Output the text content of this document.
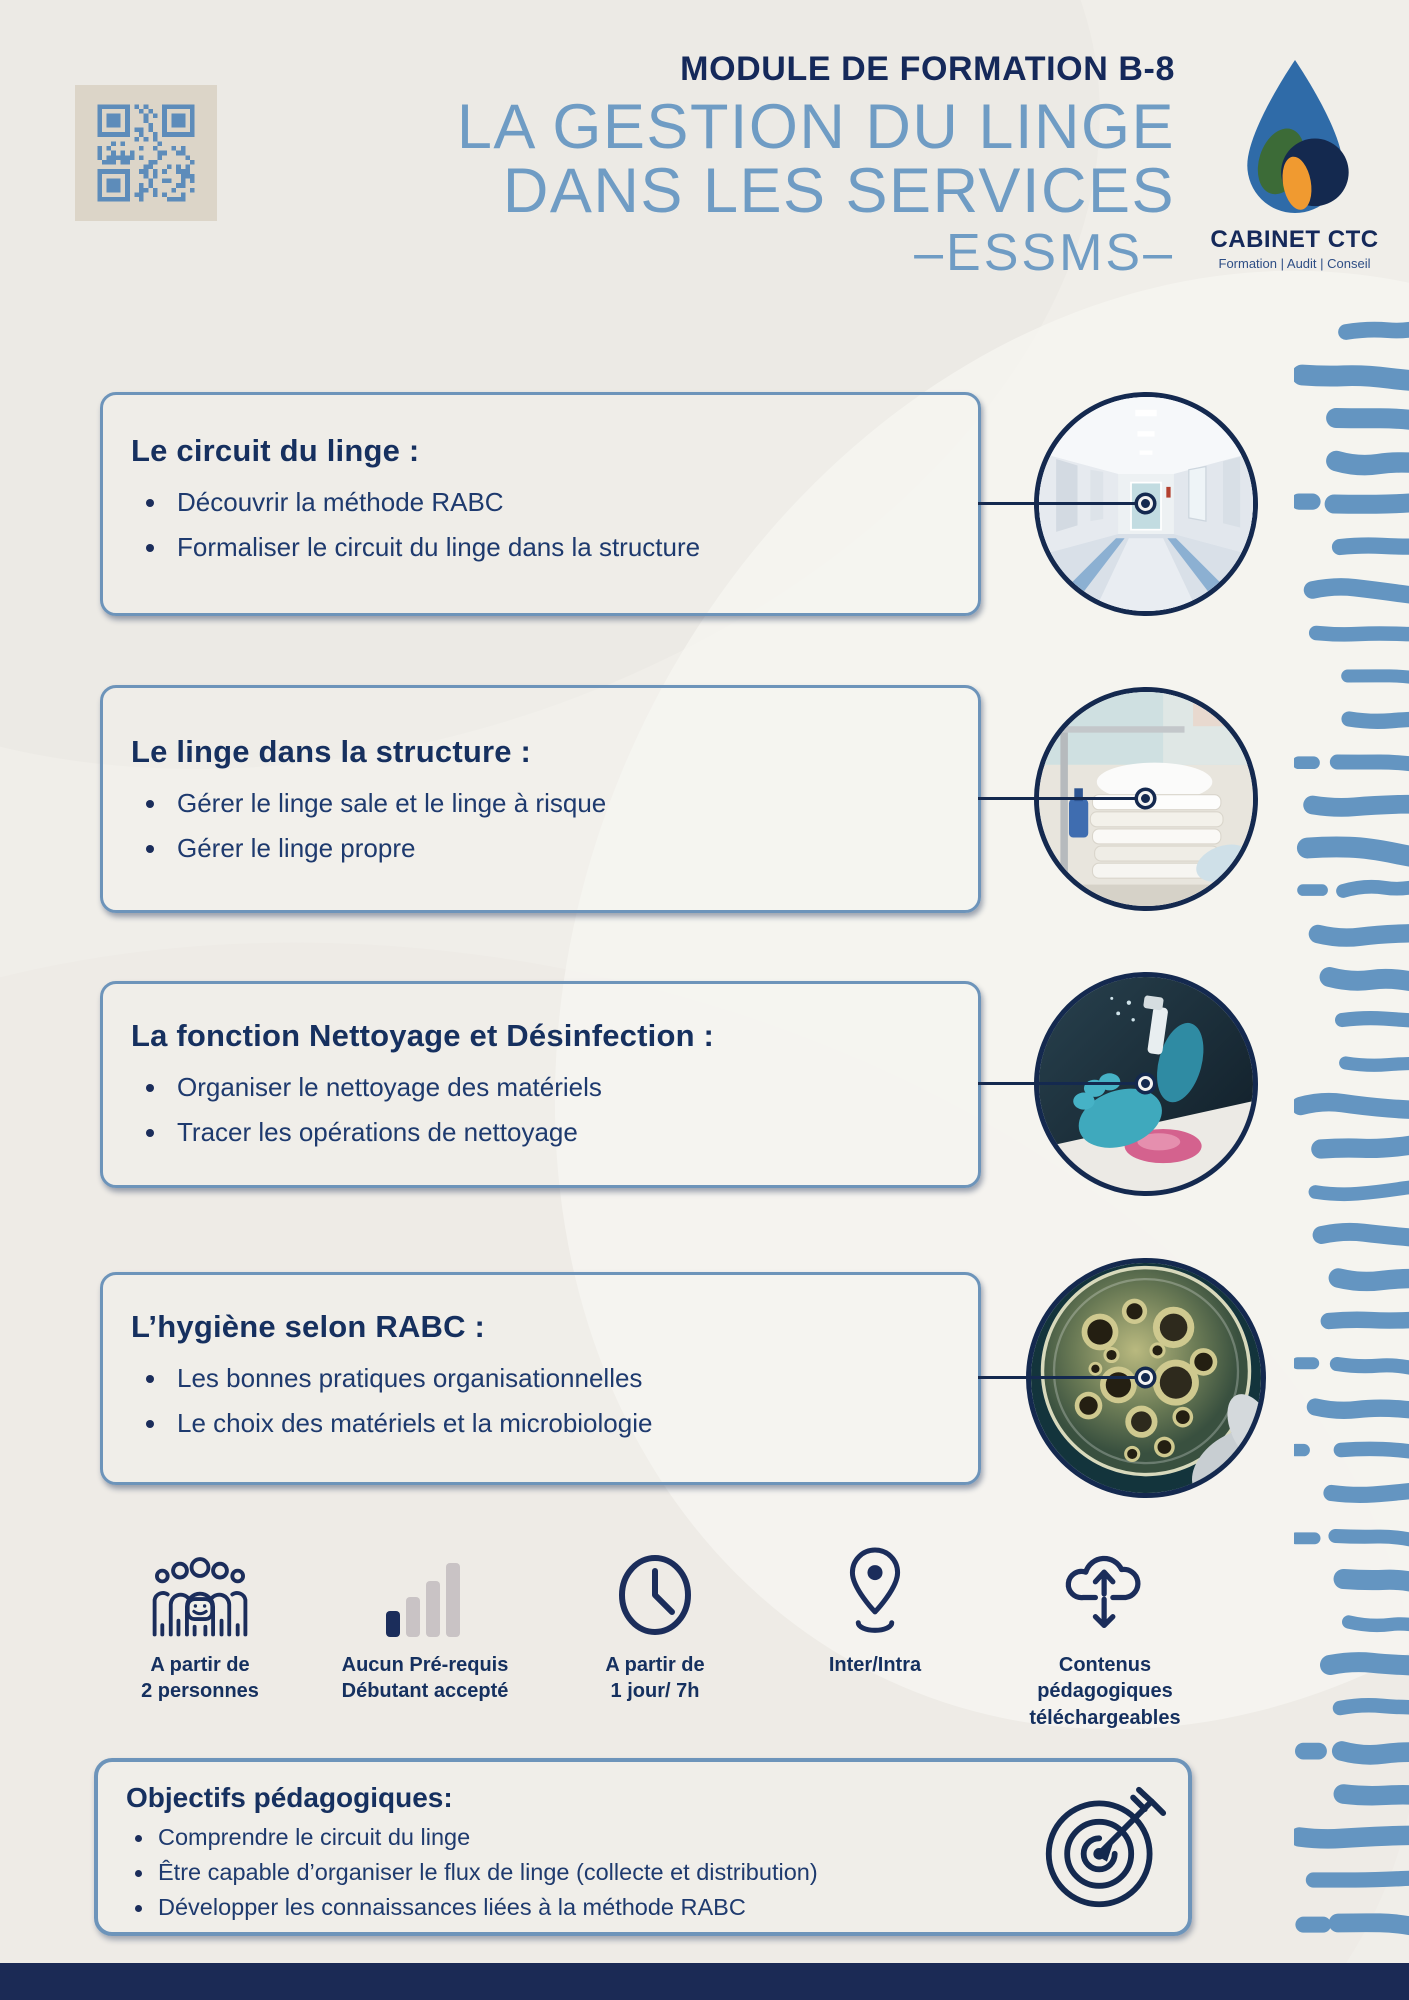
MODULE DE FORMATION B-8
LA GESTION DU LINGE
DANS LES SERVICES
–ESSMS–	CABINET CTC
Formation | Audit | Conseil
Le circuit du linge :
Découvrir la méthode RABC
Formaliser le circuit du linge dans la structure
Le linge dans la structure :
Gérer le linge sale et le linge à risque
Gérer le linge propre
La fonction Nettoyage et Désinfection :
Organiser le nettoyage des matériels
Tracer les opérations de nettoyage
L’hygiène selon RABC :
Les bonnes pratiques organisationnelles
Le choix des matériels et la microbiologie
A partir de
2 personnes
Aucun Pré-requis
Débutant accepté
A partir de
1 jour/ 7h
Inter/Intra	Contenus
pédagogiques
téléchargeables
Objectifs pédagogiques:
Comprendre le circuit du linge
Être capable d’organiser le flux de linge (collecte et distribution)
Développer les connaissances liées à la méthode RABC
